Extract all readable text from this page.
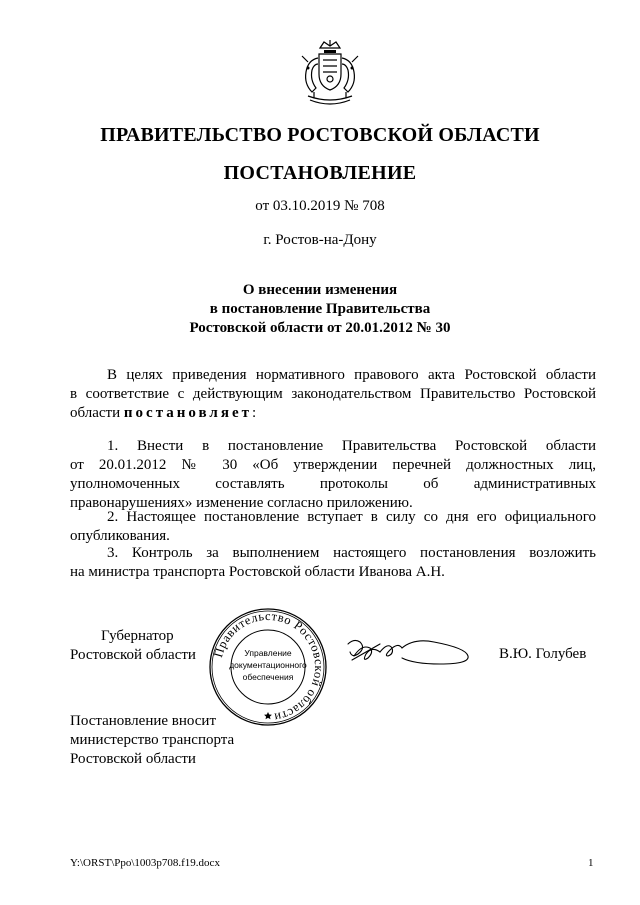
ПРАВИТЕЛЬСТВО РОСТОВСКОЙ ОБЛАСТИ
ПОСТАНОВЛЕНИЕ
от 03.10.2019 № 708
г. Ростов-на-Дону
О внесении изменения
в постановление Правительства
Ростовской области от 20.01.2012 № 30
В целях приведения нормативного правового акта Ростовской области
в соответствие с действующим законодательством Правительство Ростовской
области постановляет:
1. Внести в постановление Правительства Ростовской области
от 20.01.2012 № 30 «Об утверждении перечней должностных лиц,
уполномоченных составлять протоколы об административных
правонарушениях» изменение согласно приложению.
2. Настоящее постановление вступает в силу со дня его официального
опубликования.
3. Контроль за выполнением настоящего постановления возложить
на министра транспорта Ростовской области Иванова А.Н.
Губернатор
Ростовской области Правительство Ростовской области
Управление
документационного
обеспечения
В.Ю. Голубев
Постановление вносит
министерство транспорта
Ростовской области
Y:\ORST\Ppo\1003p708.f19.docx	1
